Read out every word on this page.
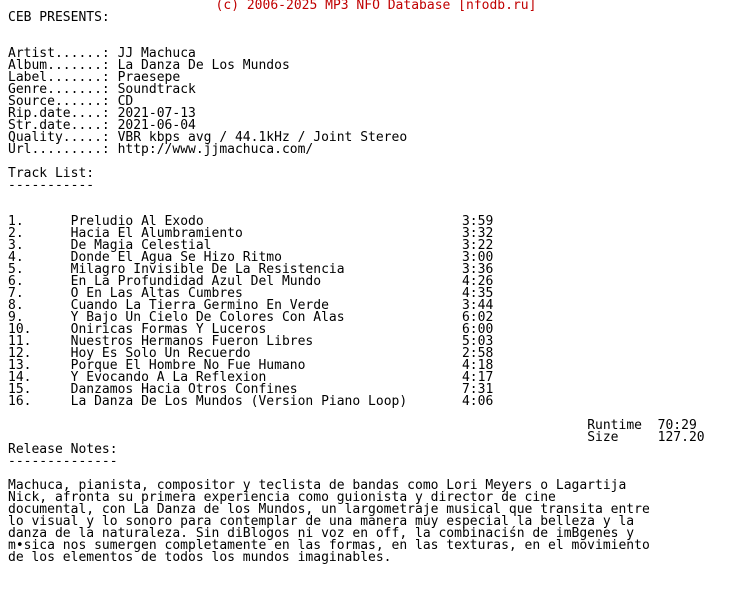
(c) 2006-2025 MP3 NFO Database [nfodb.ru]
CEB PRESENTS:

Artist......: JJ Machuca
Album.......: La Danza De Los Mundos
Label.......: Praesepe
Genre.......: Soundtrack
Source......: CD
Rip.date....: 2021-07-13
Str.date....: 2021-06-04
Quality.....: VBR kbps avg / 44.1kHz / Joint Stereo
Url.........: http://www.jjmachuca.com/

Track List:
-----------

1.	Preludio Al Exodo	3:59
2.	Hacia El Alumbramiento	3:32
3.	De Magia Celestial	3:22
4.	Donde El Agua Se Hizo Ritmo	3:00
5.	Milagro Invisible De La Resistencia	3:36
6.	En La Profundidad Azul Del Mundo	4:26
7.	O En Las Altas Cumbres	4:35
8.	Cuando La Tierra Germino En Verde	3:44
9.	Y Bajo Un Cielo De Colores Con Alas	6:02
10.	Oniricas Formas Y Luceros	6:00
11.	Nuestros Hermanos Fueron Libres	5:03
12.	Hoy Es Solo Un Recuerdo	2:58
13.	Porque El Hombre No Fue Humano	4:18
14.	Y Evocando A La Reflexion	4:17
15.	Danzamos Hacia Otros Confines	7:31
16.	La Danza De Los Mundos (Version Piano Loop)	4:06

Runtime 70:29
Size	127.20
Release Notes:
--------------

Machuca, pianista, compositor y teclista de bandas como Lori Meyers o Lagartija
Nick, afronta su primera experiencia como guionista y director de cine
documental, con La Danza de los Mundos, un largometraje musical que transita entre
lo visual y lo sonoro para contemplar de una manera muy especial la belleza y la
danza de la naturaleza. Sin diBlogos ni voz en off, la combinaciśn de imBgenes y
m•sica nos sumergen completamente en las formas, en las texturas, en el movimiento
de los elementos de todos los mundos imaginables.
